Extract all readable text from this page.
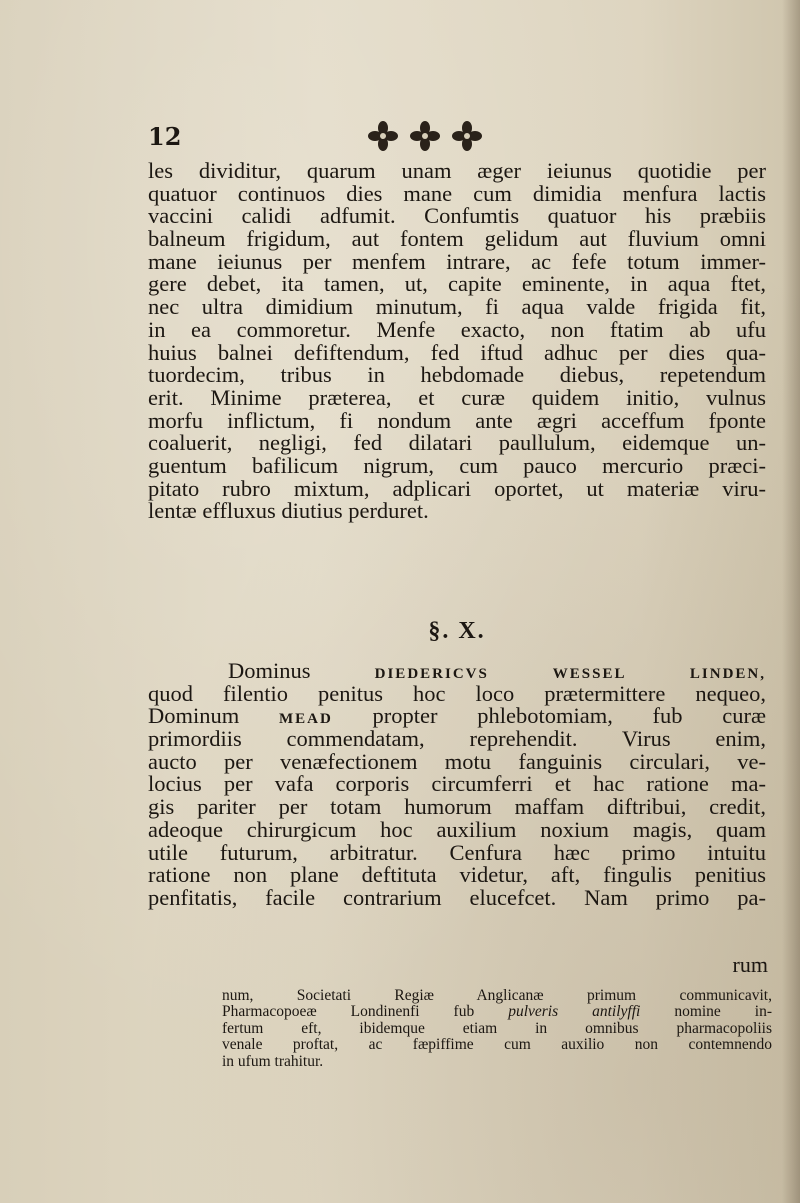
12
les dividitur, quarum unam æger ieiunus quotidie per
quatuor continuos dies mane cum dimidia menfura lactis
vaccini calidi adfumit. Confumtis quatuor his præbiis
balneum frigidum, aut fontem gelidum aut fluvium omni
mane ieiunus per menfem intrare, ac fefe totum immer-
gere debet, ita tamen, ut, capite eminente, in aqua ftet,
nec ultra dimidium minutum, fi aqua valde frigida fit,
in ea commoretur. Menfe exacto, non ftatim ab ufu
huius balnei defiftendum, fed iftud adhuc per dies qua-
tuordecim, tribus in hebdomade diebus, repetendum
erit. Minime præterea, et curæ quidem initio, vulnus
morfu inflictum, fi nondum ante ægri acceffum fponte
coaluerit, negligi, fed dilatari paullulum, eidemque un-
guentum bafilicum nigrum, cum pauco mercurio præci-
pitato rubro mixtum, adplicari oportet, ut materiæ viru-
lentæ effluxus diutius perduret.
§. X.
Dominus	DIEDERICVS WESSEL LINDEN,
quod filentio penitus hoc loco prætermittere nequeo,
Dominum	MEAD propter phlebotomiam, fub curæ
primordiis commendatam, reprehendit. Virus enim,
aucto per venæfectionem motu fanguinis circulari, ve-
locius per vafa corporis circumferri et hac ratione ma-
gis pariter per totam humorum maffam diftribui, credit,
adeoque chirurgicum hoc auxilium noxium magis, quam
utile futurum, arbitratur. Cenfura hæc primo intuitu
ratione non plane deftituta videtur, aft, fingulis penitius
penfitatis, facile contrarium elucefcet. Nam primo pa-
rum
num, Societati Regiæ Anglicanæ primum communicavit,
Pharmacopoeæ Londinenfi fub pulveris antilyffi nomine in-
fertum eft, ibidemque etiam in omnibus pharmacopoliis
venale proftat, ac fæpiffime cum auxilio non contemnendo
in ufum trahitur.
